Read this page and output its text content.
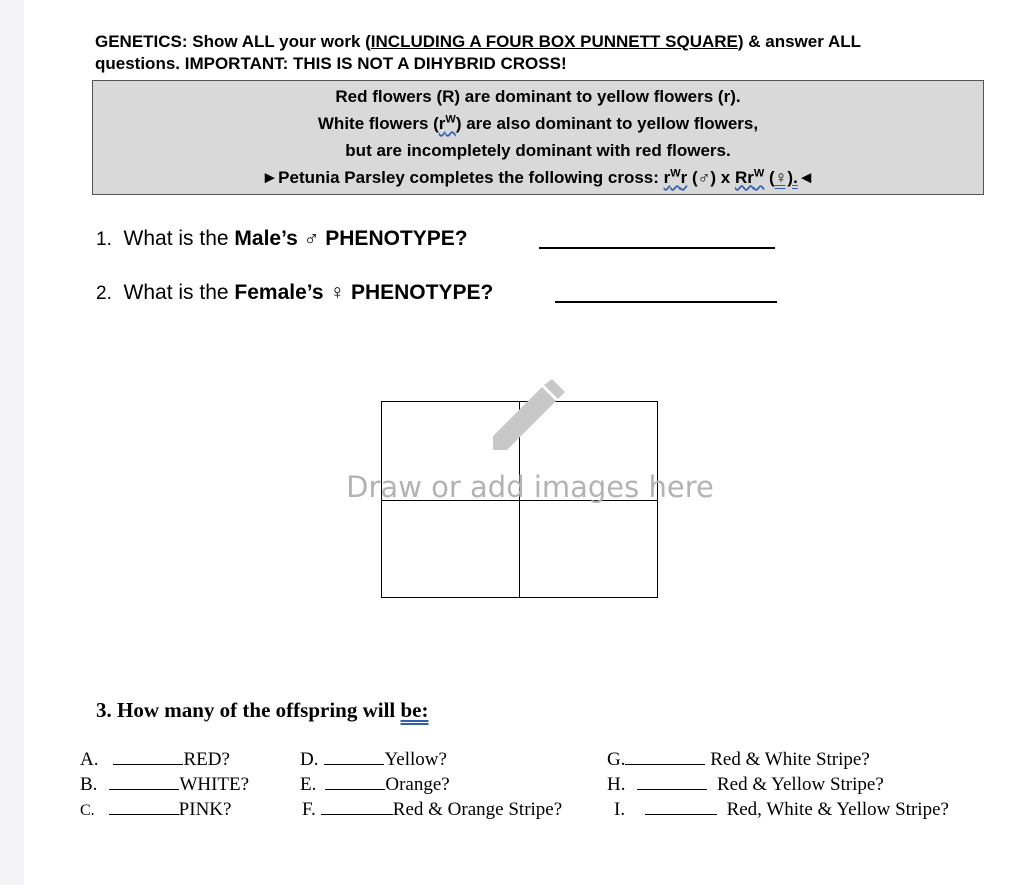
GENETICS: Show ALL your work (INCLUDING A FOUR BOX PUNNETT SQUARE) & answer ALL
questions. IMPORTANT: THIS IS NOT A DIHYBRID CROSS!
Red flowers (R) are dominant to yellow flowers (r).
White flowers $(r^W)$ are also dominant to yellow flowers,
but are incompletely dominant with red flowers.
►Petunia Parsley completes the following cross: $r^Wr$ (♂) x $Rr^W$ (♀).◄
1. What is the Male’s ♂ PHENOTYPE?
2. What is the Female’s ♀ PHENOTYPE?
Draw or add images here
3. How many of the offspring will be:
A.	RED?
B.	WHITE?
C.	PINK?
D.	Yellow?
E.	Orange?
F.	Red & Orange Stripe?
G.	Red & White Stripe?
H.	Red & Yellow Stripe?
I.	Red, White & Yellow Stripe?
